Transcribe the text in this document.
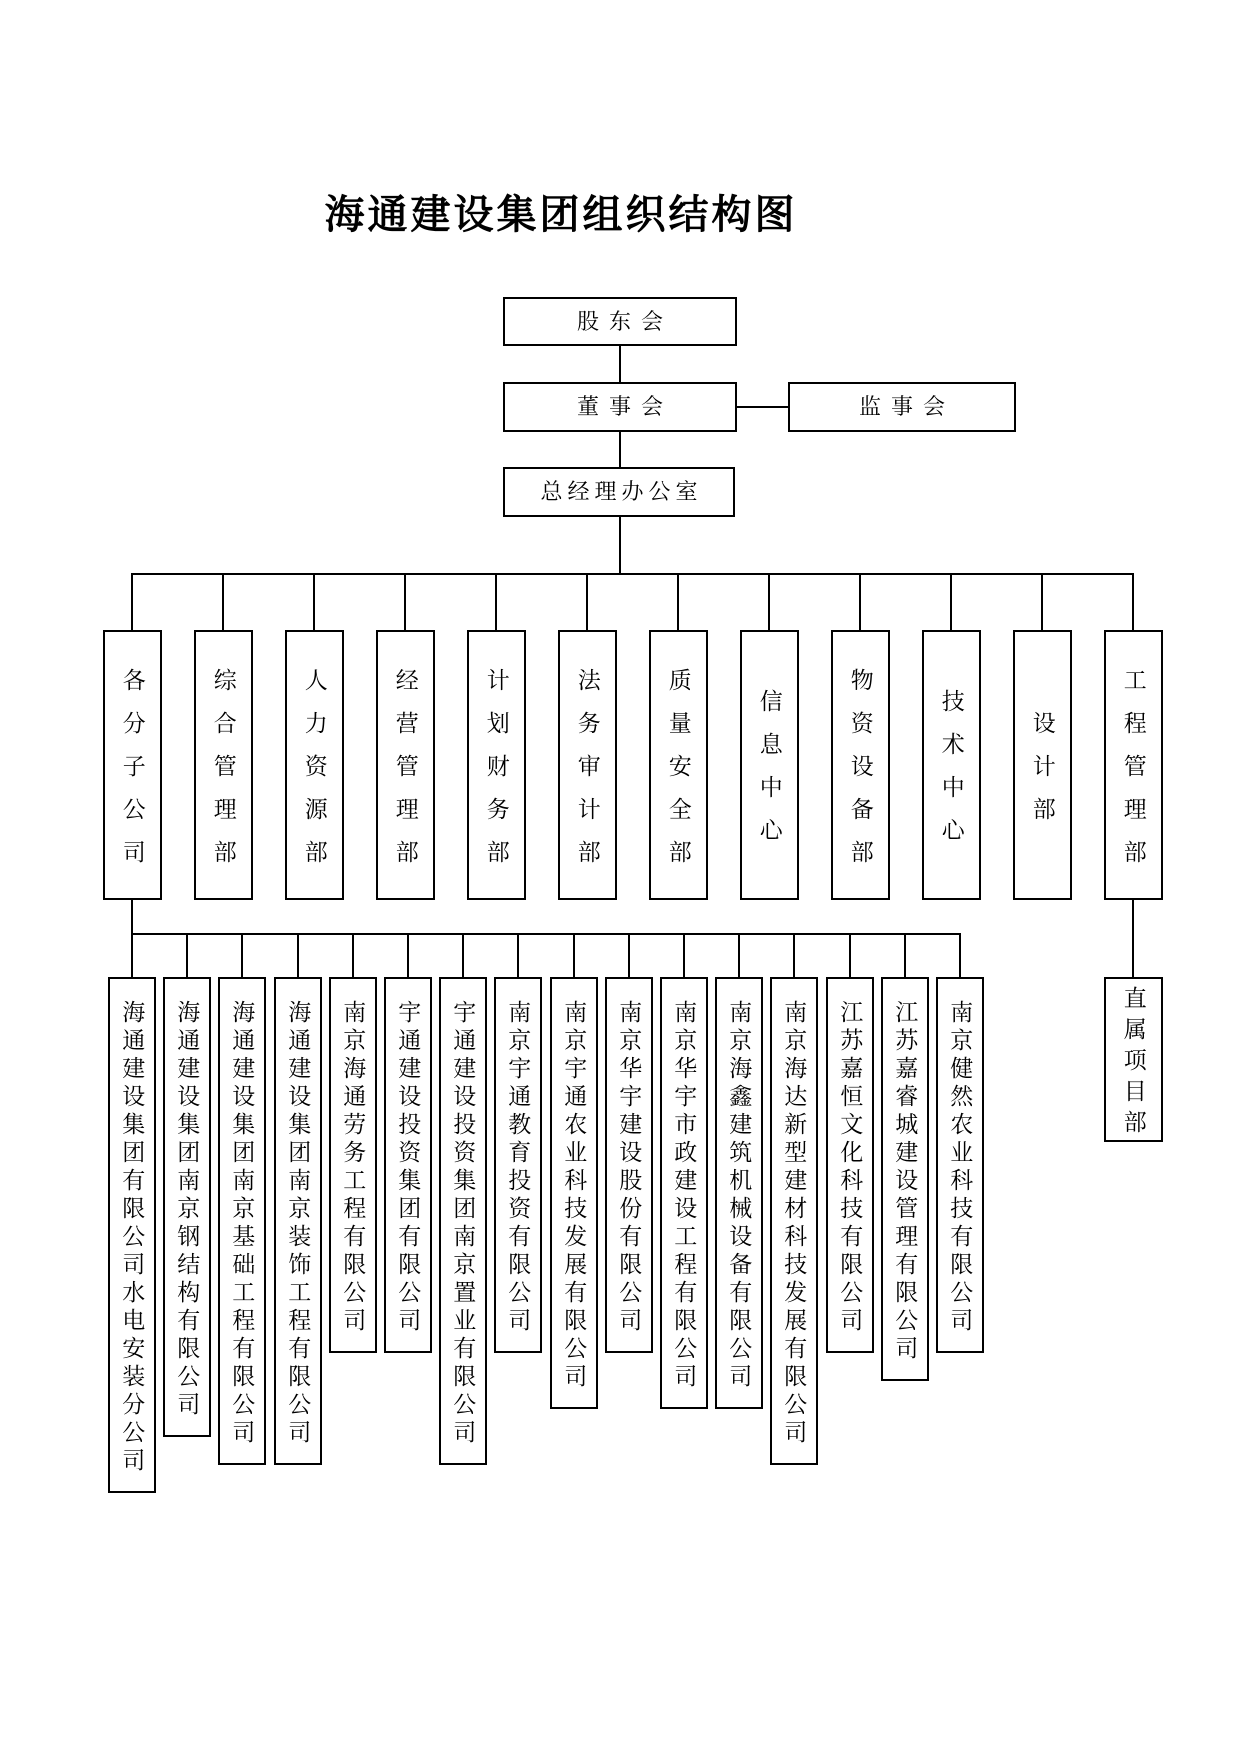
海通建设集团组织结构图
股东会
董事会	监事会
总经理办公室
各分子公司	综合管理部	人力资源部	经营管理部	计划财务部	法务审计部	质量安全部	信息中心	物资设备部	技术中心	设计部	工程管理部
海通建设集团有限公司水电安装分公司 海通建设集团南京钢结构有限公司 海通建设集团南京基础工程有限公司 海通建设集团南京装饰工程有限公司 南京海通劳务工程有限公司 宇通建设投资集团有限公司 宇通建设投资集团南京置业有限公司 南京宇通教育投资有限公司 南京宇通农业科技发展有限公司 南京华宇建设股份有限公司 南京华宇市政建设工程有限公司 南京海鑫建筑机械设备有限公司 南京海达新型建材科技发展有限公司 江苏嘉恒文化科技有限公司 江苏嘉睿城建设管理有限公司 南京健然农业科技有限公司	直属项目部
